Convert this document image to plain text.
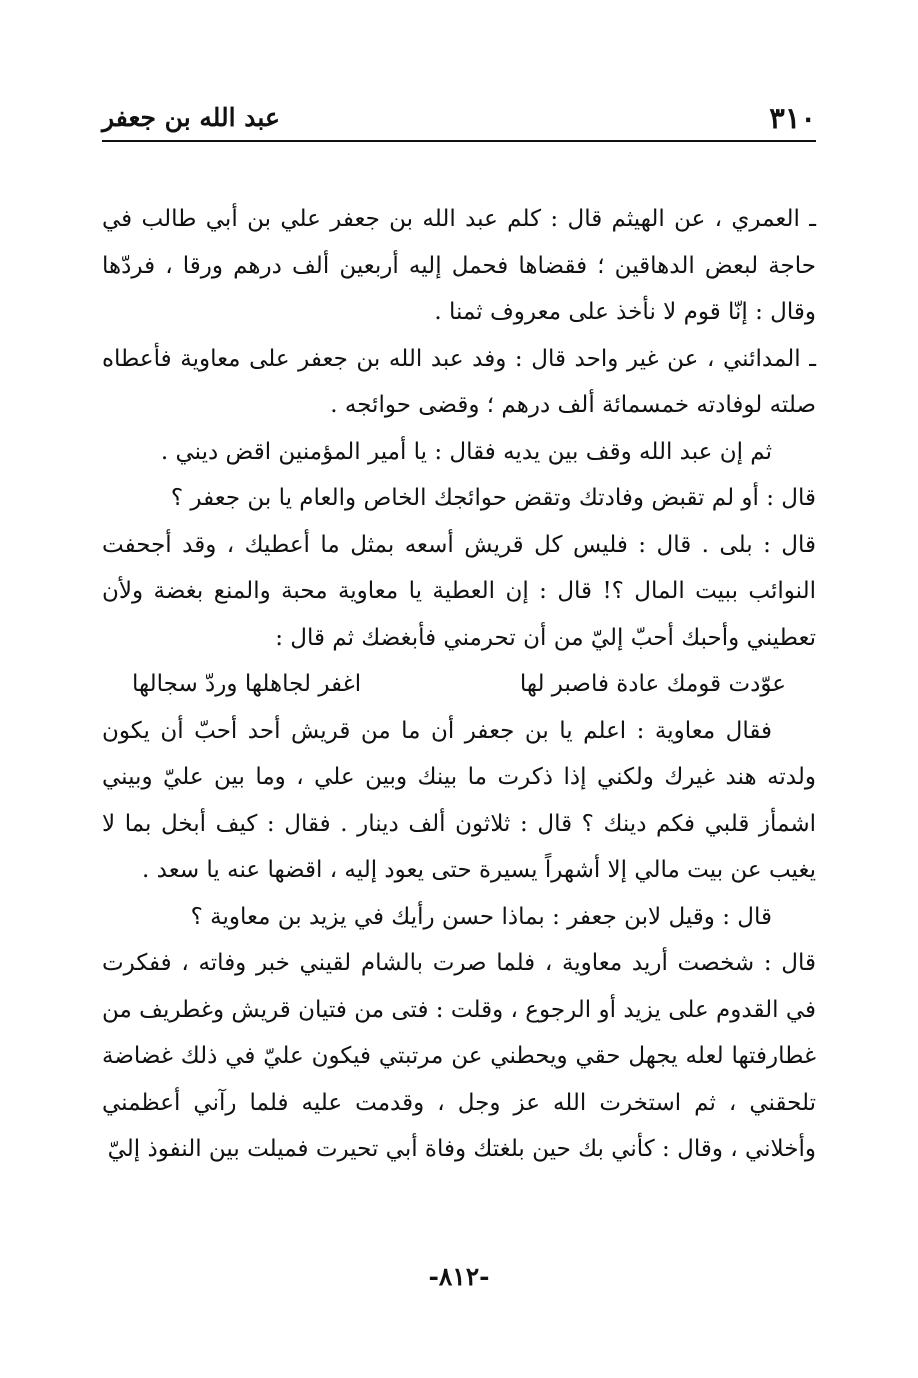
٣١٠
عبد الله بن جعفر

ـ العمري ، عن الهيثم قال : كلم عبد الله بن جعفر علي بن أبي طالب في حاجة لبعض الدهاقين ؛ فقضاها فحمل إليه أربعين ألف درهم ورقا ، فردّها وقال : إنّا قوم لا نأخذ على معروف ثمنا .

ـ المدائني ، عن غير واحد قال : وفد عبد الله بن جعفر على معاوية فأعطاه صلته لوفادته خمسمائة ألف درهم ؛ وقضى حوائجه .

ثم إن عبد الله وقف بين يديه فقال : يا أمير المؤمنين اقض ديني .

قال : أو لم تقبض وفادتك وتقض حوائجك الخاص والعام يا بن جعفر ؟

قال : بلى . قال : فليس كل قريش أسعه بمثل ما أعطيك ، وقد أجحفت النوائب ببيت المال ؟! قال : إن العطية يا معاوية محبة والمنع بغضة ولأن تعطيني وأحبك أحبّ إليّ من أن تحرمني فأبغضك ثم قال :

عوّدت قومك عادة فاصبر لها
اغفر لجاهلها وردّ سجالها

فقال معاوية : اعلم يا بن جعفر أن ما من قريش أحد أحبّ أن يكون ولدته هند غيرك ولكني إذا ذكرت ما بينك وبين علي ، وما بين عليّ وبيني اشمأز قلبي فكم دينك ؟ قال : ثلاثون ألف دينار . فقال : كيف أبخل بما لا يغيب عن بيت مالي إلا أشهراً يسيرة حتى يعود إليه ، اقضها عنه يا سعد .

قال : وقيل لابن جعفر : بماذا حسن رأيك في يزيد بن معاوية ؟

قال : شخصت أريد معاوية ، فلما صرت بالشام لقيني خبر وفاته ، ففكرت في القدوم على يزيد أو الرجوع ، وقلت : فتى من فتيان قريش وغطريف من غطارفتها لعله يجهل حقي ويحطني عن مرتبتي فيكون عليّ في ذلك غضاضة تلحقني ، ثم استخرت الله عز وجل ، وقدمت عليه فلما رآني أعظمني وأخلاني ، وقال : كأني بك حين بلغتك وفاة أبي تحيرت فميلت بين النفوذ إليّ

-٨١٢-
